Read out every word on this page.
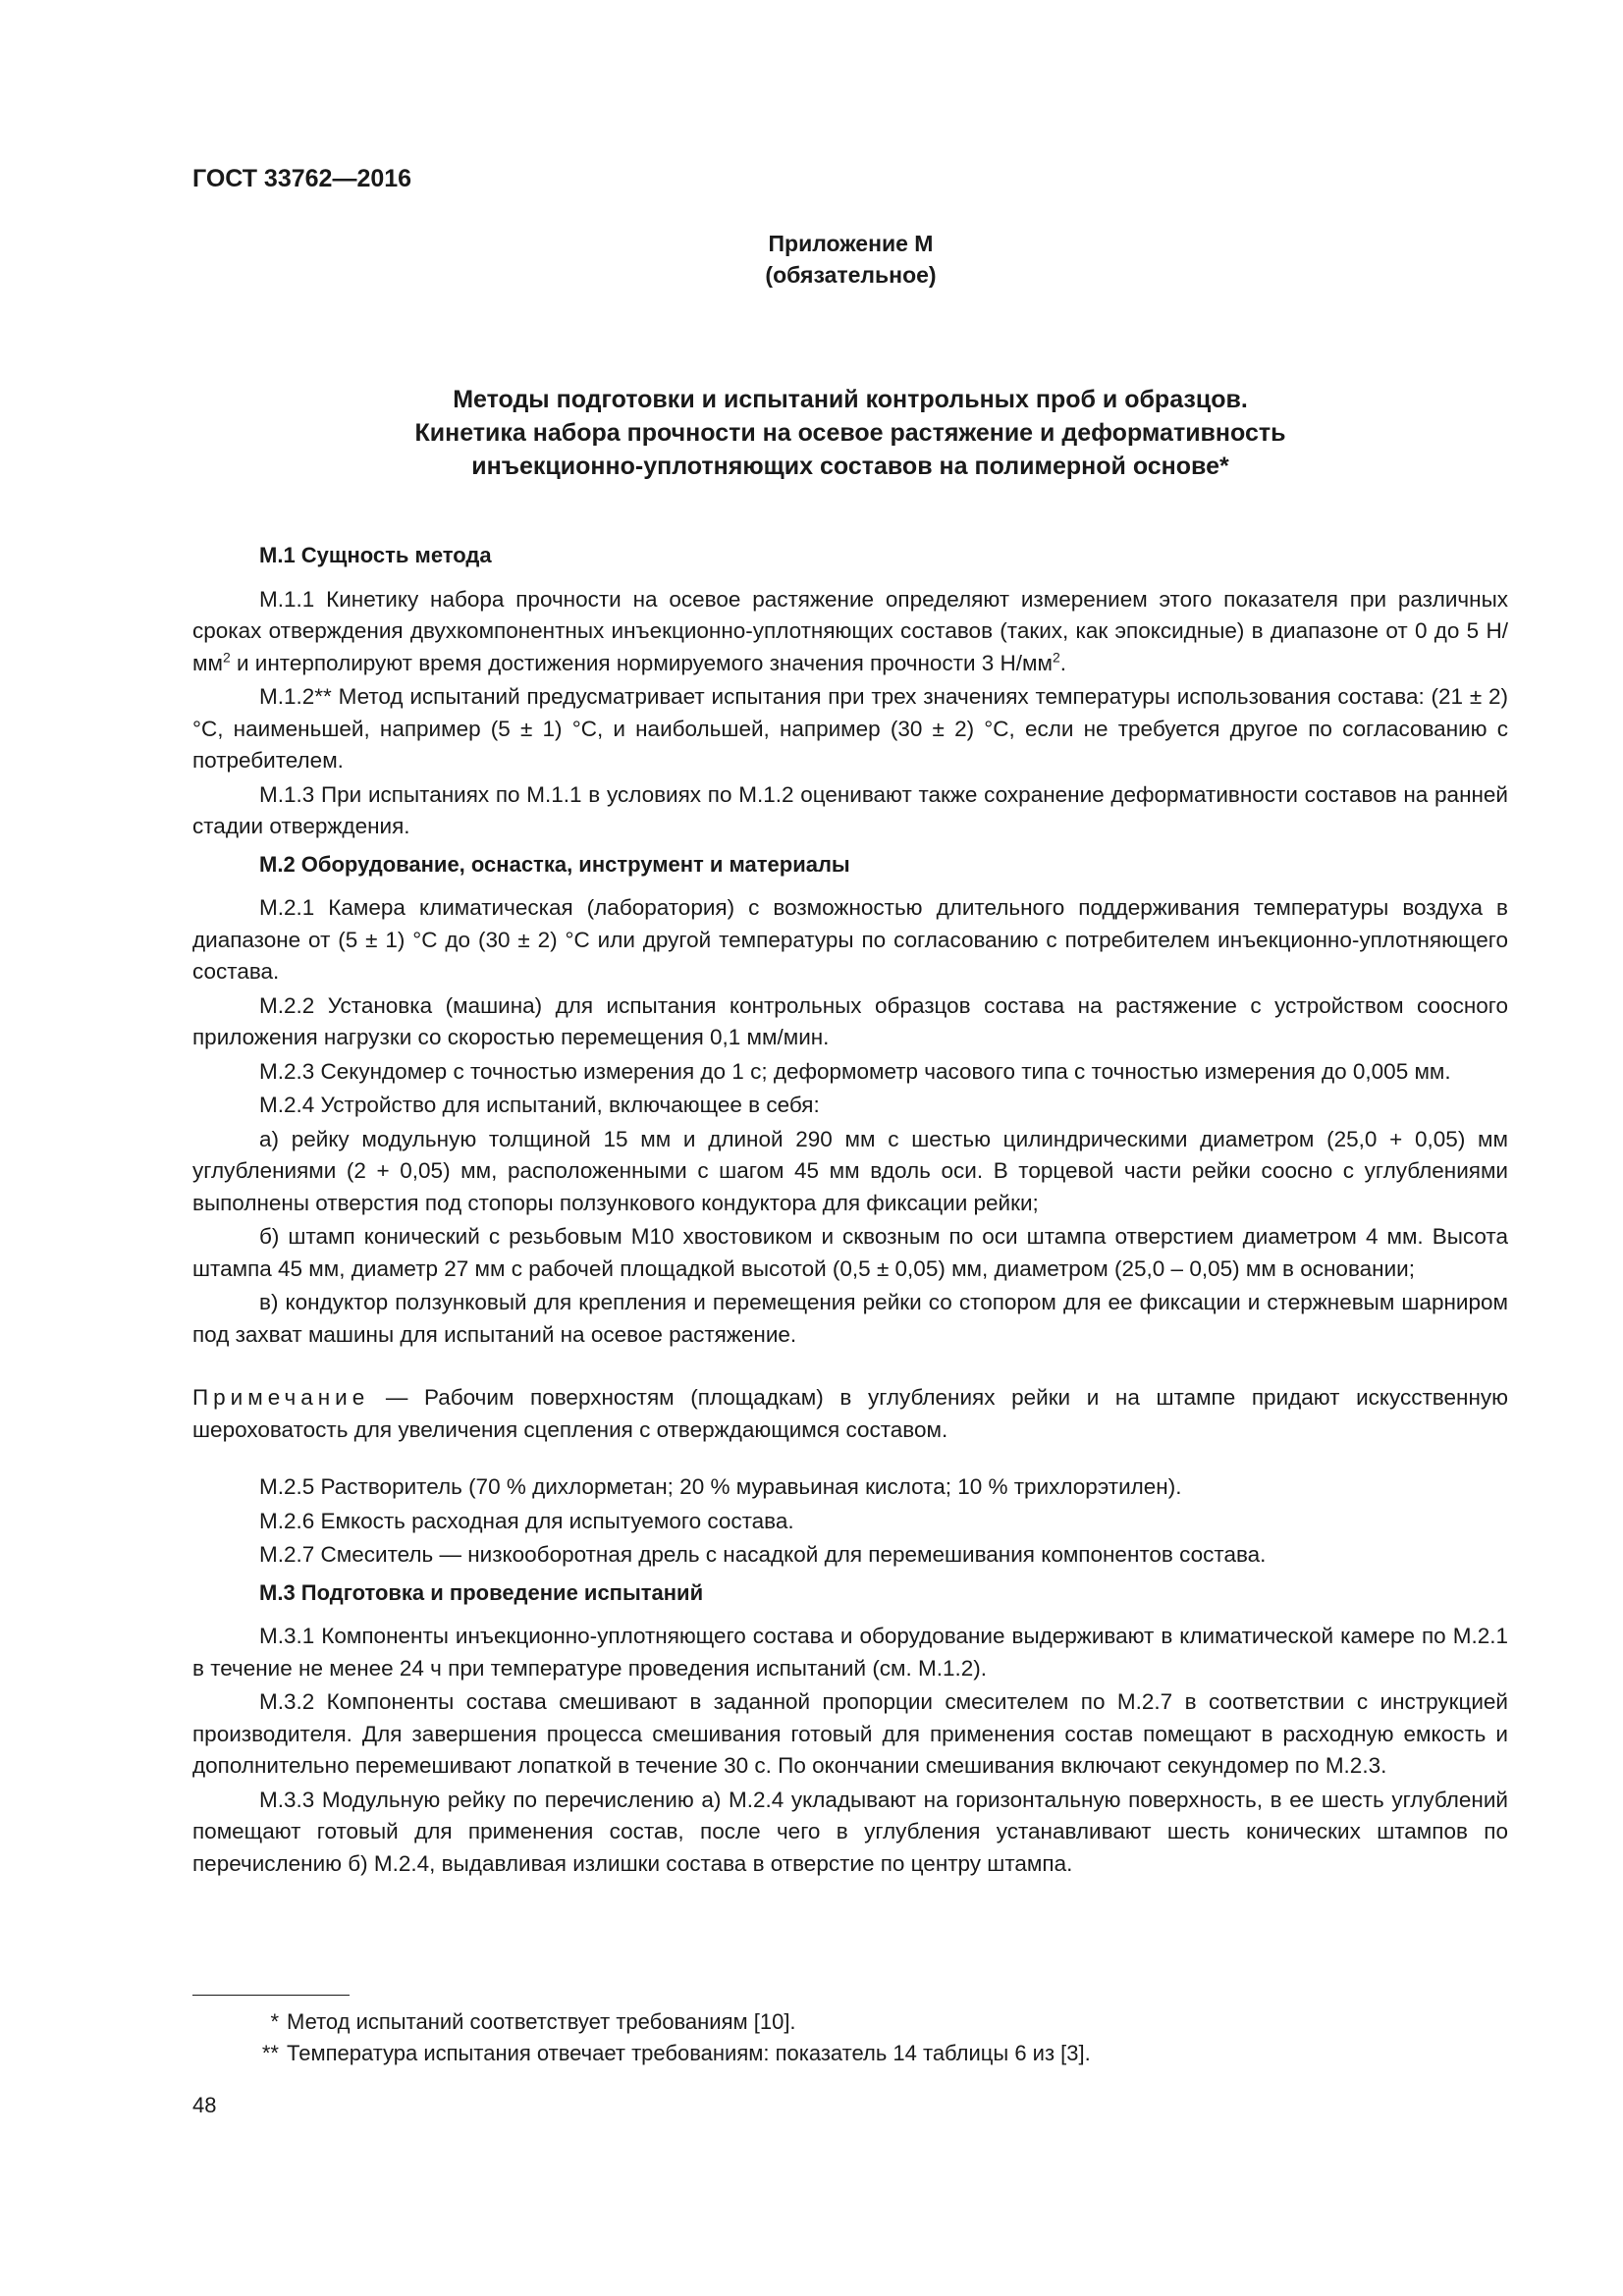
ГОСТ 33762—2016
Приложение М
(обязательное)
Методы подготовки и испытаний контрольных проб и образцов.
Кинетика набора прочности на осевое растяжение и деформативность
инъекционно-уплотняющих составов на полимерной основе*
М.1 Сущность метода

М.1.1 Кинетику набора прочности на осевое растяжение определяют измерением этого показателя при различных сроках отверждения двухкомпонентных инъекционно-уплотняющих составов (таких, как эпоксидные) в диапазоне от 0 до 5 $Н/мм^2$ и интерполируют время достижения нормируемого значения прочности 3 $Н/мм^2$.

М.1.2** Метод испытаний предусматривает испытания при трех значениях температуры использования состава: (21 ± 2) °С, наименьшей, например (5 ± 1) °С, и наибольшей, например (30 ± 2) °С, если не требуется другое по согласованию с потребителем.

М.1.3 При испытаниях по М.1.1 в условиях по М.1.2 оценивают также сохранение деформативности составов на ранней стадии отверждения.

М.2 Оборудование, оснастка, инструмент и материалы

М.2.1 Камера климатическая (лаборатория) с возможностью длительного поддерживания температуры воздуха в диапазоне от (5 ± 1) °С до (30 ± 2) °С или другой температуры по согласованию с потребителем инъекционно-уплотняющего состава.

М.2.2 Установка (машина) для испытания контрольных образцов состава на растяжение с устройством соосного приложения нагрузки со скоростью перемещения 0,1 мм/мин.

М.2.3 Секундомер с точностью измерения до 1 с; деформометр часового типа с точностью измерения до 0,005 мм.

М.2.4 Устройство для испытаний, включающее в себя:

а) рейку модульную толщиной 15 мм и длиной 290 мм с шестью цилиндрическими диаметром (25,0 + 0,05) мм углублениями (2 + 0,05) мм, расположенными с шагом 45 мм вдоль оси. В торцевой части рейки соосно с углублениями выполнены отверстия под стопоры ползункового кондуктора для фиксации рейки;

б) штамп конический с резьбовым М10 хвостовиком и сквозным по оси штампа отверстием диаметром 4 мм. Высота штампа 45 мм, диаметр 27 мм с рабочей площадкой высотой (0,5 ± 0,05) мм, диаметром (25,0 – 0,05) мм в основании;

в) кондуктор ползунковый для крепления и перемещения рейки со стопором для ее фиксации и стержневым шарниром под захват машины для испытаний на осевое растяжение.

Примечание — Рабочим поверхностям (площадкам) в углублениях рейки и на штампе придают искусственную шероховатость для увеличения сцепления с отверждающимся составом.

М.2.5 Растворитель (70 % дихлорметан; 20 % муравьиная кислота; 10 % трихлорэтилен).

М.2.6 Емкость расходная для испытуемого состава.

М.2.7 Смеситель — низкооборотная дрель с насадкой для перемешивания компонентов состава.

М.3 Подготовка и проведение испытаний

М.3.1 Компоненты инъекционно-уплотняющего состава и оборудование выдерживают в климатической камере по М.2.1 в течение не менее 24 ч при температуре проведения испытаний (см. М.1.2).

М.3.2 Компоненты состава смешивают в заданной пропорции смесителем по М.2.7 в соответствии с инструкцией производителя. Для завершения процесса смешивания готовый для применения состав помещают в расходную емкость и дополнительно перемешивают лопаткой в течение 30 с. По окончании смешивания включают секундомер по М.2.3.

М.3.3 Модульную рейку по перечислению а) М.2.4 укладывают на горизонтальную поверхность, в ее шесть углублений помещают готовый для применения состав, после чего в углубления устанавливают шесть конических штампов по перечислению б) М.2.4, выдавливая излишки состава в отверстие по центру штампа.

* Метод испытаний соответствует требованиям [10].
** Температура испытания отвечает требованиям: показатель 14 таблицы 6 из [3].
48
